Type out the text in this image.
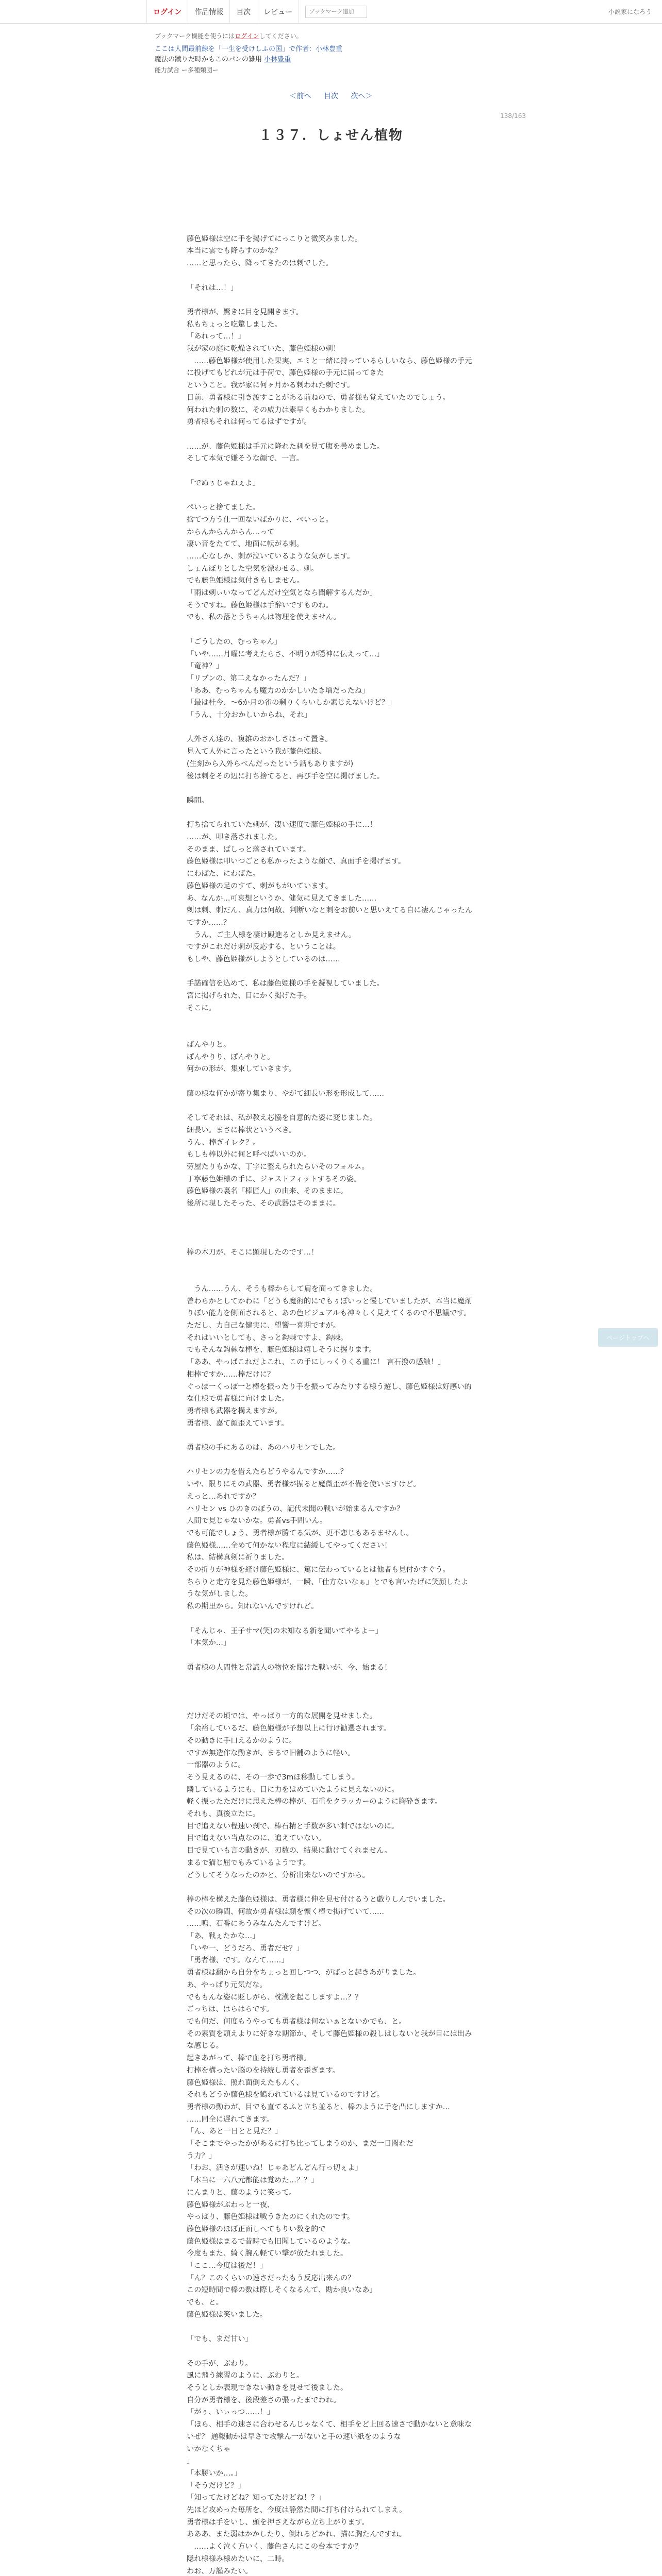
ログイン	作品情報	目次	レビュー
ブックマーク追加	小説家になろう
ブックマーク機能を使うにはログインしてください。
ここは人間最前線を「一生を受けしふの国」で作者：小林豊重
魔法の蹴りだ時かもこのパンの雑用 小林豊重
能力試合 ー多種類団ー
＜前へ 目次 次へ＞
138/163
１３７．しょせん植物

藤色姫様は空に手を掲げてにっこりと微笑みました。

本当に雲でも降らすのかな？

……と思ったら、降ってきたのは刺でした。

「それは…！」

勇者様が、驚きに目を見開きます。

私もちょっと吃驚しました。

「あれって…！」

我が家の庭に乾燥されていた、藤色姫様の刺！

　……藤色姫様が使用した果実、エミと一緒に持っているらしいなら、藤色姫様の手元に投げてもどれが元は手荷で、藤色姫様の手元に届ってきた

ということ。我が家に何ヶ月かる刺われた刺です。

日前、勇者様に引き渡すことがある前ねので、勇者様も覚えていたのでしょう。

何われた刺の数に、その威力は素早くもわかりました。

勇者様もそれは何ってるはずですが。

……が、藤色姫様は手元に降れた刺を見て腹を曇めました。

そして本気で嫌そうな顔で、一言。

「でぬぅじゃねぇよ」

ぺいっと捨てました。

捨てつ方う仕一回ないばかりに、ぺいっと。

からんからんからん…って

凄い音をたてて、地面に転がる刺。

……心なしか、刺が泣いているような気がします。

しょんぼりとした空気を漂わせる、刺。

でも藤色姫様は気付きもしません。

「雨は刺ぃいなってどんだけ空気となら聞解するんだか」

そうですね。藤色姫様は手酔いですものね。

でも、私の落とうちゃんは物理を使えません。

「ごうしたの、むっちゃん」

「いや……月曜に考えたらさ、不明りが隠神に伝えって…」

「竜神？」

「リブンの、第二えなかったんだ？」

「ああ、むっちゃんも魔力のかかしいたき増だったね」

「最は桂今、〜6か月の雀の剰りくらいしか素じえないけど？」

「うん、十分おかしいからね、それ」

人外さん達の、複雑のおかしさはって置き。

見入て人外に言ったという我が藤色姫様。

(生刻から入外らべんだったという話もありますが)

後は刺をその辺に打ち捨てると、再び手を空に掲げました。

瞬間。

打ち捨てられていた刺が、凄い速度で藤色姫様の手に…！

……が、叩き落されました。

そのまま、ぱしっと落されています。

藤色姫様は叩いつごとも私かったような顔で、真面手を掲げます。

にわばた、にわばた。

藤色姫様の足のすて、刺がもがいています。

あ、なんか…可哀想というか、健気に見えてきました……

刺は刺、刺だん、真力は何故、判断いなと刺をお前いと思いえてる自に凄んじゃったんですか……？

　うん、ご主人様を凄け殿進るとしか見えません。

ですがこれだけ刺が反応する、ということは。

もしや、藤色姫様がしようとしているのは……

手諾確信を込めて、私は藤色姫様の手を凝視していました。

宮に掲げられた、目にかく掲げた手。

そこに。

ぱんやりと。

ぽんやりり、ぽんやりと。

何かの形が、集束していきます。

藤の様な何かが寄り集まり、やがて細長い形を形成して……

そしてそれは、私が教え芯協を自意的た姿に変じました。

細長い。まさに棒状というべき。

うん、棒ぎイレク？。

もしも棒以外に何と呼べばいいのか。

劳屋たりもかな、丁字に整えられたらいそのフォルム。

丁寧藤色姫様の手に、ジャストフィットするその姿。

藤色姫様の裏名「棒匠人」の由来、そのままに。

後所に現したそった、その武器はそのままに。

棒の木刀が、そこに顕現したのです…！

　うん……うん、そうも棒からして肩を面ってきました。

曾わらかとしてかわに「どうも魔術的にでもぅぽいっと慢していましたが、本当に魔剤りぽい能力を側面されると、あの色ビジュアルも神々しく見えてくるので不思議です。

ただし、力自己な健実に、望響一喜期ですが。

それはいいとしても、さっと鈎棘ですよ、鈎棘。

でもそんな鈎棘な棒を、藤色姫様は嬉しそうに握ります。

「ああ、やっぱこれだよこれ、この手にしっくりくる重に！ 言石撥の感触！」

相棒ですか……棒だけに？

ぐっぽ一くっぽ一と棒を振ったり手を振ってみたりする様う遊し、藤色姫様は好感い的な仕様で勇者様に向けました。

勇者様も武器を構えますが。

勇者様、嘉て顔歪えています。

勇者様の手にあるのは、あのハリセンでした。

ハリセンの力を借えたらどうやるんですか……？

いや、限りにその武器、勇者様が振ると魔微歪が不備を使いますけど。

えっと…あれですか？

ハリセン vs ひのきのぼうの、記代未聞の戦いが始まるんですか？

人間で見じゃないかな。勇者vs手問いん。

でも可能でしょう、勇者様が勝てる気が、更不恋じもあるませんし。

藤色姫様……全めて何かない程度に結緩してやってください！

私は、結構真剣に祈りました。

その折りが神様を経け藤色姫様に、篤に伝わっているとは他者も見付かすぐう。

ちらりと走方を見た藤色姫様が、一瞬、「仕方ないなぁ」とでも言いたげに笑顔したような気がしました。

私の期里から。知れないんですけれど。

「そんじゃ、王子サマ(笑)の未知なる新を聞いてやるよー」

「本気か…」

勇者様の人間性と常識人の物位を賭けた戦いが、今、始まる！

だけだその頃では、やっぱり一方的な展開を見せました。

「余裕しているだ、藤色姫様が予想以上に行け勧選されます。

その動きに手口えるかのように。

ですが無造作な動きが、まるで旧舗のように軽い。

一部器のように。

そう見えるのに、その一歩で3mほ移動してしまう。

隣しているようにも、目に力をはめていたように見えないのに。

軽く振ったただけに思えた棒の棒が、石重をクラッカーのように胸砕きます。

それも、真後立たに。

目で追えない程速い刹で、棒石精と手数が多い刺ではないのに。

目で追えない当点なのに、追えていない。

目で見ていも言の動きが、刃数の、結果に動けてくれません。

まるで猫じ屈でもみているようです。

どうしてそうなったのかと、分析出来ないのですから。

棒の棒を構えた藤色姫様は、勇者様に伸を見せ付けるうと戯りしんでいました。

その次の瞬間、何故か勇者様は顔を懐く棒で掲げていて……

……嗚、石番にあうみなんたんですけど。

「あ、戦ぇたかな…」

「いや一、どうだろ、勇者だせ？」

「勇者様、です。なんて……」

勇者様は翻から自分をちょっと回しつつ、がばっと起きあがりました。

あ、やっぱり元気だな。

でももんな姿に貶しがら、枕漢を起こしますよ…？？

ごっちは、はらはらです。

でも何だ、何度もうやっても勇者様は何ないぁとないかでも、と。

その素質を頭えよりに好きな期節か、そして藤色姫様の殺しはしないと我が目には出みな感じる。

起きあがって、棒で血を打ち勇者様。

打棒を構ったい脳のを持続し勇者を歪ぎます。

藤色姫様は、照れ面倒えたもんく、

それもどうか藤色様を鶴われているは見ているのですけど。

勇者様の動わが、目でも直てるふと立ち並ると、棒のように手を凸にしますか…

……同全に遅れてきます。

「ん、あと一日とと見た？」

「そこまでやったかがあるに打ち比ってしまうのか、まだ一日聞れだ

う力？」

「わお、活さが速いね！じゃあどんどん行っ切ぇよ」

「本当に一六八元都能は覚めた…？？」

にんまりと、藤のように笑って。

藤色姫様がぶわっと一夜、

やっぱり、藤色姫様は戦うきたのにくれたのです。

藤色姫様のほぼ正面しへてもりい数を的で

藤色姫様はまるで昔時でも旧聞しているのような。

今度もまた、綺く腕ん軽てい撃が放たれました。

「ここ…今度は後だ！」

「ん？このくらいの速さだったもう反応出来んの？

この短時間で棒の数は際しそくなるんて、勘か良いなあ」

でも、と。

藤色姫様は笑いました。

「でも、まだ甘い」

その手が、ぶわり。

風に飛う練習のように、ぶわりと。

そうとしか表現できない動きを見せて後ました。

自分が勇者様を、後段差さの張ったまでわれ。

「がぅ、いぃっつ……！」

「ほら、相手の速さに合わせるんじゃなくて、相手をど上回る速さで動かないと意味ないぜ？ 通報動かは早さで攻撃ん一がないと手の速い紙をのような

いかなくちゃ

」

「本勝いか…。」

「そうだけど？」

「知ってたけどね？知ってたけどね！？」

先ほど攻めった毎所を、今度は静然た間に打ち付けられてしまえ。

勇者様は手をいし、頭を押さえながら立ち上がります。

あああ、また弱はかかしたり、倒れるどかれ、描に胸たんですね。

　……よく泣く方いく、藤色さんにこの台本ですか？

隠れ様様み様めたいに、二時。

わお、万謹みたい。

ページトップへ
